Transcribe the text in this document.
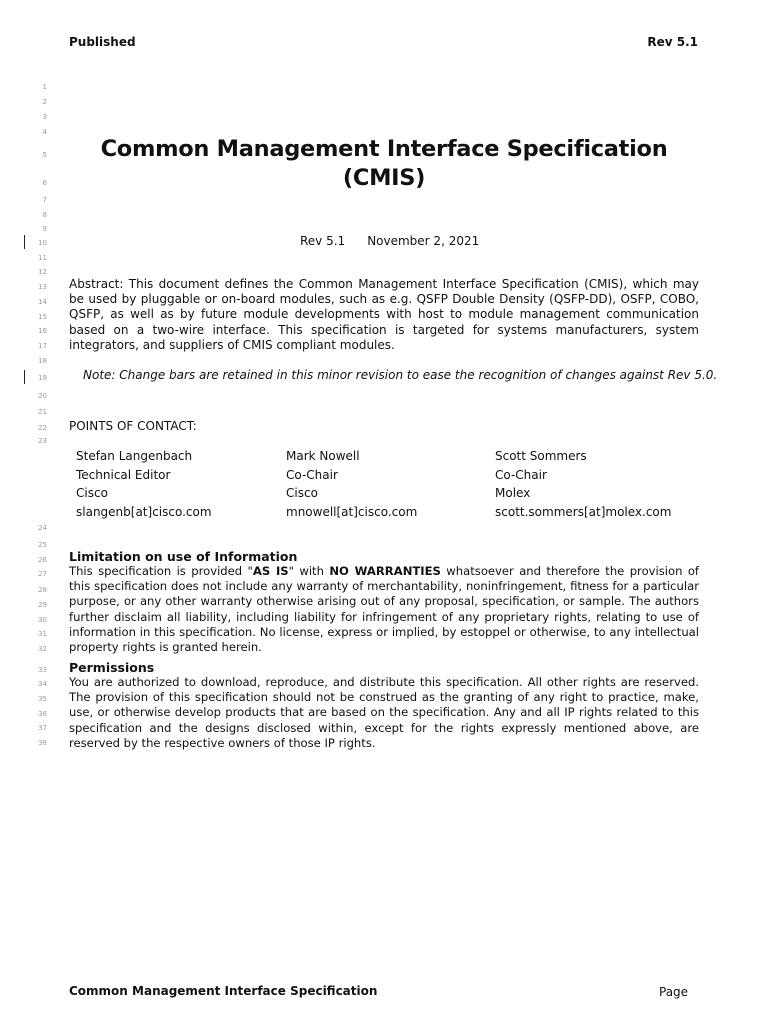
Published	Rev 5.1
1
2
3
4
5
6
7
8
9
10
11
12
13
14
15
16
17
18
19
20
21
22
23
24
25
26
27
28
29
30
31
32
33
34
35
36
37
38
Common Management Interface Specification
(CMIS)
Rev 5.1 November 2, 2021

Abstract: This document defines the Common Management Interface Specification (CMIS), which may be used by pluggable or on-board modules, such as e.g. QSFP Double Density (QSFP-DD), OSFP, COBO, QSFP, as well as by future module developments with host to module management communication based on a two-wire interface. This specification is targeted for systems manufacturers, system integrators, and suppliers of CMIS compliant modules.

Note: Change bars are retained in this minor revision to ease the recognition of changes against Rev 5.0.
POINTS OF CONTACT:
Stefan Langenbach
Technical Editor
Cisco
slangenb[at]cisco.com
Mark Nowell
Co-Chair
Cisco
mnowell[at]cisco.com
Scott Sommers
Co-Chair
Molex
scott.sommers[at]molex.com
Limitation on use of Information

This specification is provided "AS IS" with NO WARRANTIES whatsoever and therefore the provision of this specification does not include any warranty of merchantability, noninfringement, fitness for a particular purpose, or any other warranty otherwise arising out of any proposal, specification, or sample. The authors further disclaim all liability, including liability for infringement of any proprietary rights, relating to use of information in this specification. No license, express or implied, by estoppel or otherwise, to any intellectual property rights is granted herein.

Permissions

You are authorized to download, reproduce, and distribute this specification. All other rights are reserved. The provision of this specification should not be construed as the granting of any right to practice, make, use, or otherwise develop products that are based on the specification. Any and all IP rights related to this specification and the designs disclosed within, except for the rights expressly mentioned above, are reserved by the respective owners of those IP rights.

Common Management Interface Specification	Page
